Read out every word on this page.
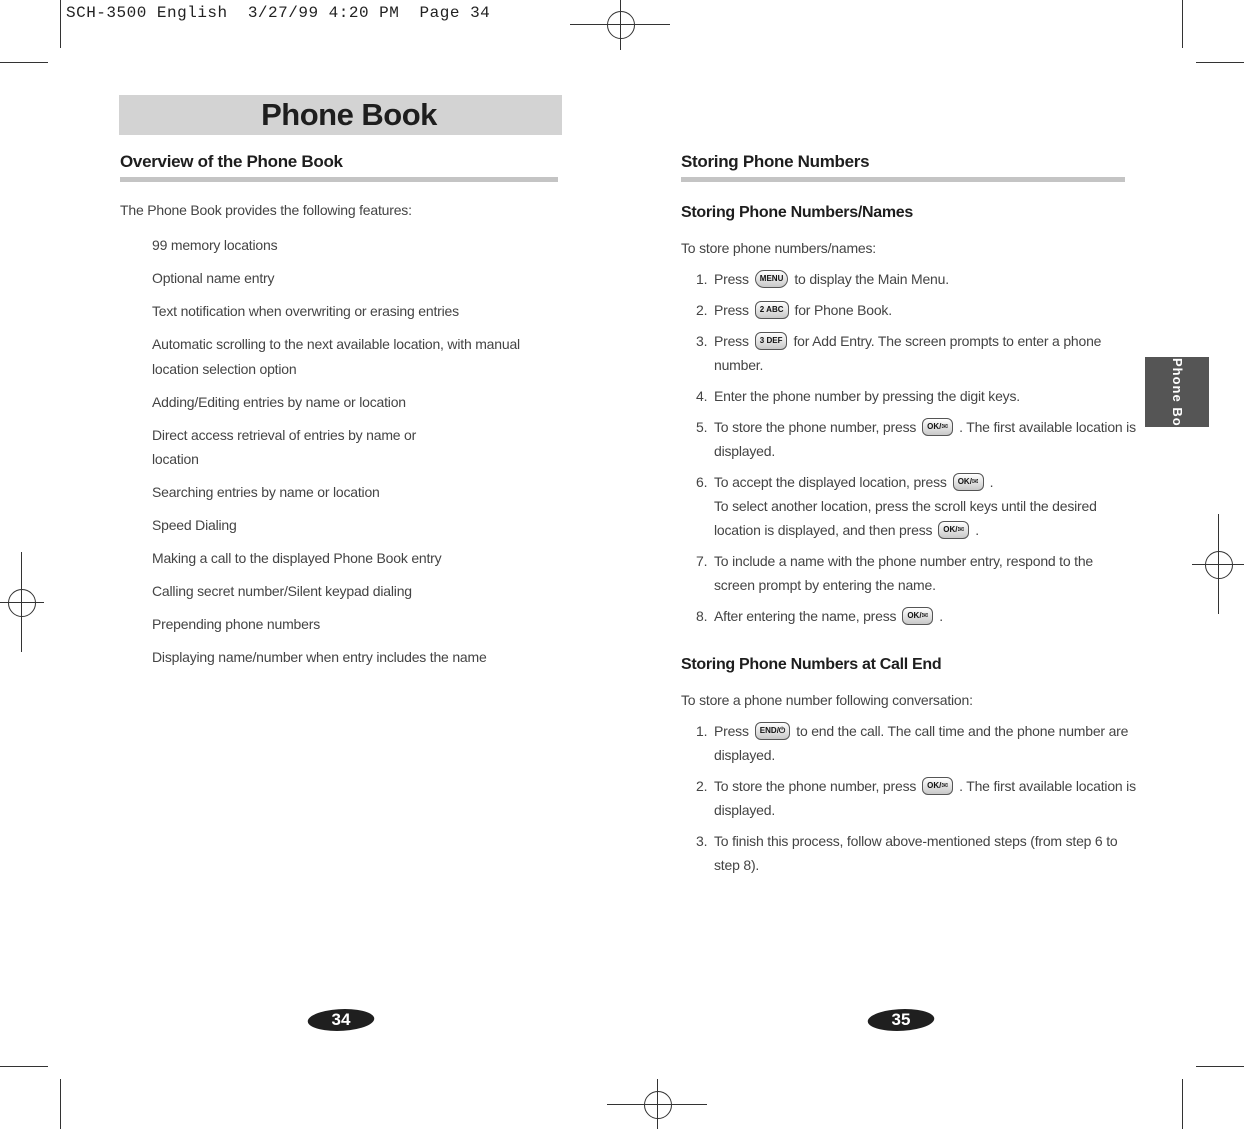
SCH-3500 English  3/27/99 4:20 PM  Page 34
Phone Book
Overview of the Phone Book
The Phone Book provides the following features:
99 memory locations
Optional name entry
Text notification when overwriting or erasing entries
Automatic scrolling to the next available location, with manual location selection option
Adding/Editing entries by name or location
Direct access retrieval of entries by name or location
Searching entries by name or location
Speed Dialing
Making a call to the displayed Phone Book entry
Calling secret number/Silent keypad dialing
Prepending phone numbers
Displaying name/number when entry includes the name
34
Storing Phone Numbers
Storing Phone Numbers/Names
To store phone numbers/names:
1. Press MENU to display the Main Menu.
2. Press 2 ABC for Phone Book.
3. Press 3 DEF for Add Entry. The screen prompts to enter a phone number.
4. Enter the phone number by pressing the digit keys.
5. To store the phone number, press OK/✉ . The first available location is displayed.
6. To accept the displayed location, press OK/✉ .
To select another location, press the scroll keys until the desired location is displayed, and then press OK/✉ .
7. To include a name with the phone number entry, respond to the screen prompt by entering the name.
8. After entering the name, press OK/✉ .
Storing Phone Numbers at Call End
To store a phone number following conversation:
1. Press END/⏻ to end the call. The call time and the phone number are displayed.
2. To store the phone number, press OK/✉ . The first available location is displayed.
3. To finish this process, follow above-mentioned steps (from step 6 to step 8).
Phone Book
35
